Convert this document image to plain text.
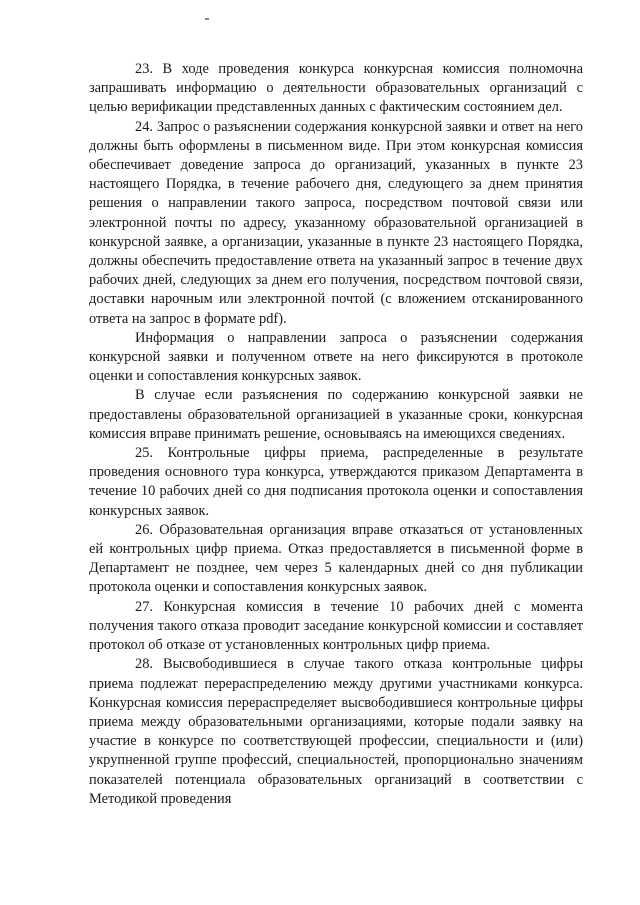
23. В ходе проведения конкурса конкурсная комиссия полномочна запрашивать информацию о деятельности образовательных организаций с целью верификации представленных данных с фактическим состоянием дел.

24. Запрос о разъяснении содержания конкурсной заявки и ответ на него должны быть оформлены в письменном виде. При этом конкурсная комиссия обеспечивает доведение запроса до организаций, указанных в пункте 23 настоящего Порядка, в течение рабочего дня, следующего за днем принятия решения о направлении такого запроса, посредством почтовой связи или электронной почты по адресу, указанному образовательной организацией в конкурсной заявке, а организации, указанные в пункте 23 настоящего Порядка, должны обеспечить предоставление ответа на указанный запрос в течение двух рабочих дней, следующих за днем его получения, посредством почтовой связи, доставки нарочным или электронной почтой (с вложением отсканированного ответа на запрос в формате pdf).

Информация о направлении запроса о разъяснении содержания конкурсной заявки и полученном ответе на него фиксируются в протоколе оценки и сопоставления конкурсных заявок.

В случае если разъяснения по содержанию конкурсной заявки не предоставлены образовательной организацией в указанные сроки, конкурсная комиссия вправе принимать решение, основываясь на имеющихся сведениях.

25. Контрольные цифры приема, распределенные в результате проведения основного тура конкурса, утверждаются приказом Департамента в течение 10 рабочих дней со дня подписания протокола оценки и сопоставления конкурсных заявок.

26. Образовательная организация вправе отказаться от установленных ей контрольных цифр приема. Отказ предоставляется в письменной форме в Департамент не позднее, чем через 5 календарных дней со дня публикации протокола оценки и сопоставления конкурсных заявок.

27. Конкурсная комиссия в течение 10 рабочих дней с момента получения такого отказа проводит заседание конкурсной комиссии и составляет протокол об отказе от установленных контрольных цифр приема.

28. Высвободившиеся в случае такого отказа контрольные цифры приема подлежат перераспределению между другими участниками конкурса. Конкурсная комиссия перераспределяет высвободившиеся контрольные цифры приема между образовательными организациями, которые подали заявку на участие в конкурсе по соответствующей профессии, специальности и (или) укрупненной группе профессий, специальностей, пропорционально значениям показателей потенциала образовательных организаций в соответствии с Методикой проведения
